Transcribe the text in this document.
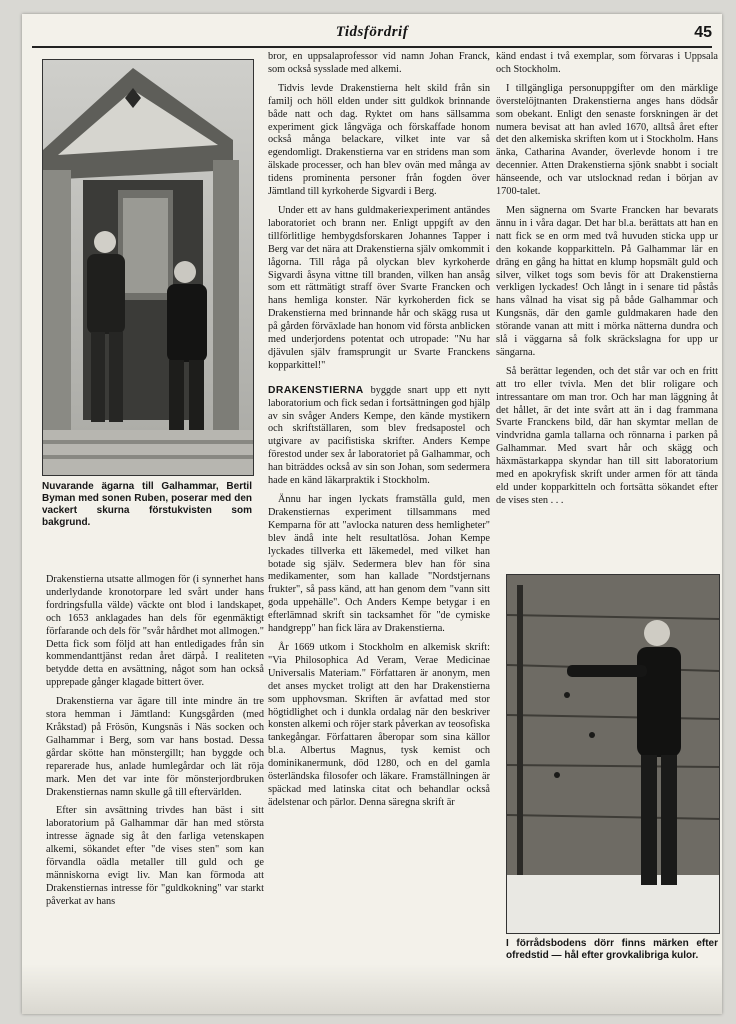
Tidsfördrif	45
Nuvarande ägarna till Galhammar, Bertil Byman med sonen Ruben, poserar med den vackert skurna förstukvisten som bakgrund.

Drakenstierna utsatte allmogen för (i synnerhet hans underlydande kronotorpare led svårt under hans fordringsfulla välde) väckte ont blod i landskapet, och 1653 anklagades han dels för egenmäktigt förfarande och dels för "svår hårdhet mot allmogen." Detta fick som följd att han entledigades från sin kommendanttjänst redan året därpå. I realiteten betydde detta en avsättning, något som han också upprepade gånger klagade bittert över.

Drakenstierna var ägare till inte mindre än tre stora hemman i Jämtland: Kungsgården (med Kråkstad) på Frösön, Kungsnäs i Näs socken och Galhammar i Berg, som var hans bostad. Dessa gårdar skötte han mönstergillt; han byggde och reparerade hus, anlade humlegårdar och lät röja mark. Men det var inte för mönsterjordbruken Drakenstiernas namn skulle gå till eftervärlden.

Efter sin avsättning trivdes han bäst i sitt laboratorium på Galhammar där han med största intresse ägnade sig åt den farliga vetenskapen alkemi, sökandet efter "de vises sten" som kan förvandla oädla metaller till guld och ge människorna evigt liv. Man kan förmoda att Drakenstiernas intresse för "guldkokning" var starkt påverkat av hans

bror, en uppsalaprofessor vid namn Johan Franck, som också sysslade med alkemi.

Tidvis levde Drakenstierna helt skild från sin familj och höll elden under sitt guldkok brinnande både natt och dag. Ryktet om hans sällsamma experiment gick långväga och förskaffade honom också många belackare, vilket inte var så egendomligt. Drakenstierna var en stridens man som älskade processer, och han blev ovän med många av tidens prominenta personer från fogden över Jämtland till kyrkoherde Sigvardi i Berg.

Under ett av hans guldmakeriexperiment antändes laboratoriet och brann ner. Enligt uppgift av den tillförlitlige hembygdsforskaren Johannes Tapper i Berg var det nära att Drakenstierna själv omkommit i lågorna. Till råga på olyckan blev kyrkoherde Sigvardi åsyna vittne till branden, vilken han ansåg som ett rättmätigt straff över Svarte Francken och hans hemliga konster. När kyrkoherden fick se Drakenstierna med brinnande hår och skägg rusa ut på gården förväxlade han honom vid första anblicken med underjordens potentat och utropade: "Nu har djävulen själv framsprungit ur Svarte Franckens kopparkittel!"

DRAKENSTIERNA byggde snart upp ett nytt laboratorium och fick sedan i fortsättningen god hjälp av sin svåger Anders Kempe, den kände mystikern och skriftställaren, som blev fredsapostel och utgivare av pacifistiska skrifter. Anders Kempe förestod under sex år laboratoriet på Galhammar, och han biträddes också av sin son Johan, som sedermera hade en känd läkarpraktik i Stockholm.

Ännu har ingen lyckats framställa guld, men Drakenstiernas experiment tillsammans med Kemparna för att "avlocka naturen dess hemligheter" blev ändå inte helt resultatlösa. Johan Kempe lyckades tillverka ett läkemedel, med vilket han botade sig själv. Sedermera blev han för sina medikamenter, som han kallade "Nordstjernans frukter", så pass känd, att han genom dem "vann sitt goda uppehälle". Och Anders Kempe betygar i en efterlämnad skrift sin tacksamhet för "de cymiske handgrepp" han fick lära av Drakenstierna.

År 1669 utkom i Stockholm en alkemisk skrift: "Via Philosophica Ad Veram, Verae Medicinae Universalis Materiam." Författaren är anonym, men det anses mycket troligt att den har Drakenstierna som upphovsman. Skriften är avfattad med stor högtidlighet och i dunkla ordalag när den beskriver konsten alkemi och röjer stark påverkan av teosofiska tankegångar. Författaren åberopar som sina källor bl.a. Albertus Magnus, tysk kemist och dominikanermunk, död 1280, och en del gamla österländska filosofer och läkare. Framställningen är späckad med latinska citat och behandlar också ädelstenar och pärlor. Denna säregna skrift är

känd endast i två exemplar, som förvaras i Uppsala och Stockholm.

I tillgängliga personuppgifter om den märklige överstelöjtnanten Drakenstierna anges hans dödsår som obekant. Enligt den senaste forskningen är det numera bevisat att han avled 1670, alltså året efter det den alkemiska skriften kom ut i Stockholm. Hans änka, Catharina Avander, överlevde honom i tre decennier. Atten Drakenstierna sjönk snabbt i socialt hänseende, och var utslocknad redan i början av 1700-talet.

Men sägnerna om Svarte Francken har bevarats ännu in i våra dagar. Det har bl.a. berättats att han en natt fick se en orm med två huvuden sticka upp ur den kokande kopparkitteln. På Galhammar lär en dräng en gång ha hittat en klump hopsmält guld och silver, vilket togs som bevis för att Drakenstierna verkligen lyckades! Och långt in i senare tid påstås hans vålnad ha visat sig på både Galhammar och Kungsnäs, där den gamle guldmakaren hade den störande vanan att mitt i mörka nätterna dundra och slå i väggarna så folk skräckslagna for upp ur sängarna.

Så berättar legenden, och det står var och en fritt att tro eller tvivla. Men det blir roligare och intressantare om man tror. Och har man läggning åt det hållet, är det inte svårt att än i dag frammana Svarte Franckens bild, där han skymtar mellan de vindvridna gamla tallarna och rönnarna i parken på Galhammar. Med svart hår och skägg och häxmästarkappa skyndar han till sitt laboratorium med en apokryfisk skrift under armen för att tända eld under kopparkitteln och fortsätta sökandet efter de vises sten . . .

I förrådsbodens dörr finns märken efter ofredstid — hål efter grovkalibriga kulor.
